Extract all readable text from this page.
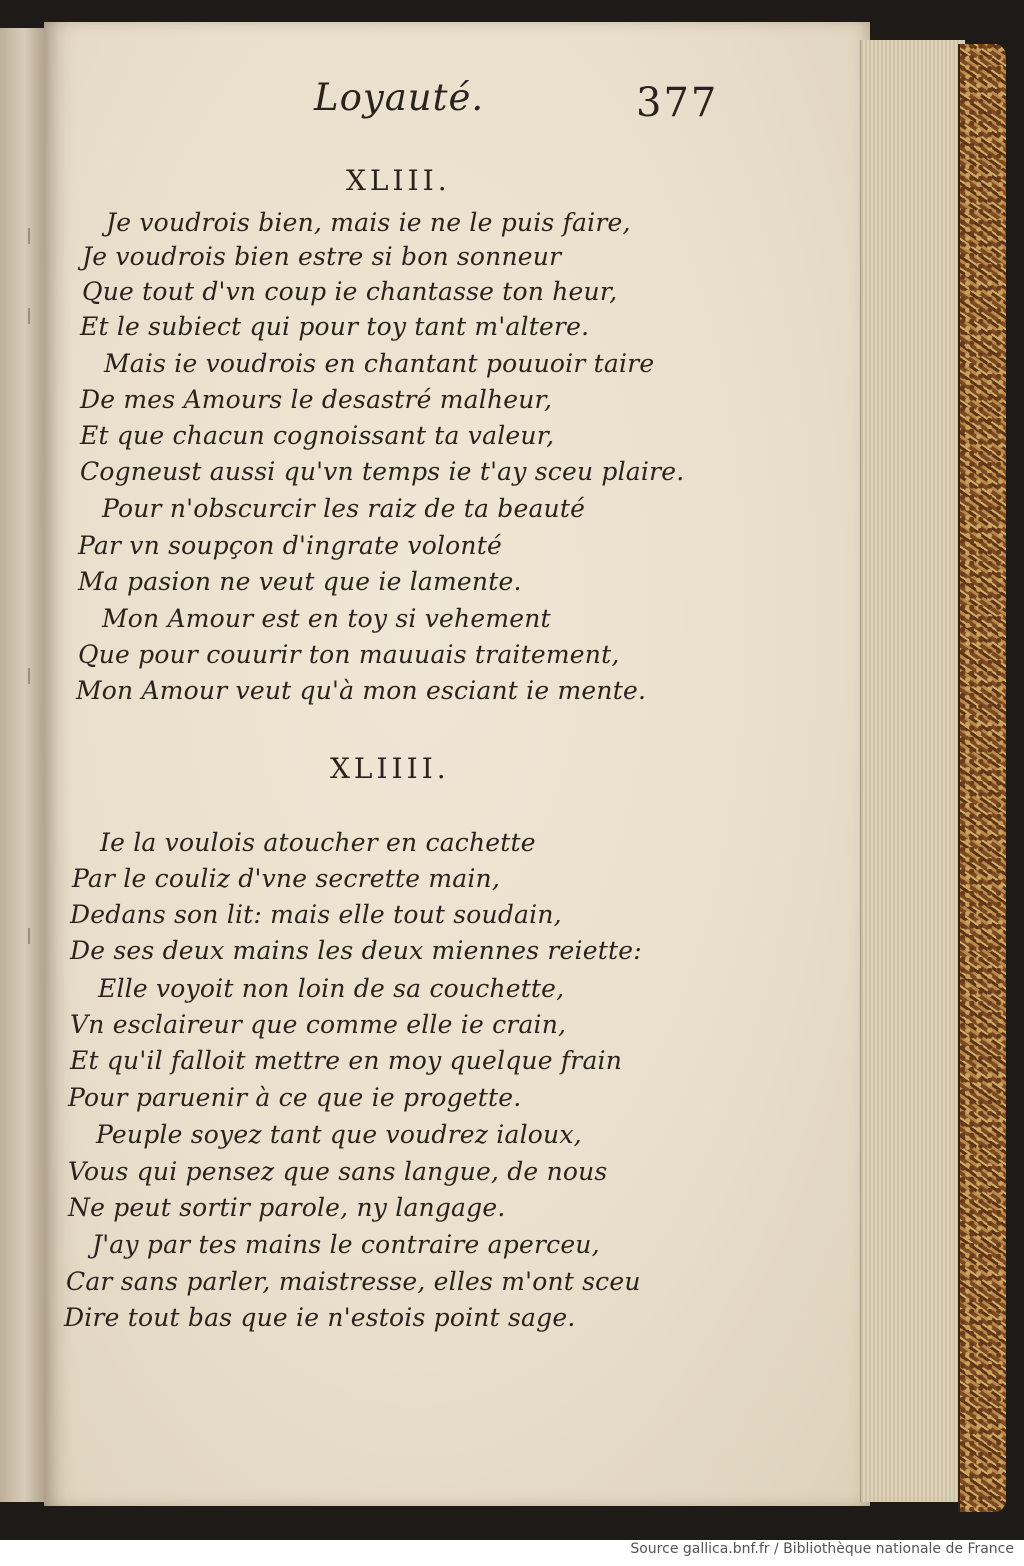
Loyauté.	377
XLIII.
Je voudrois bien, mais ie ne le puis faire,
Je voudrois bien estre si bon sonneur
Que tout d'vn coup ie chantasse ton heur,
Et le subiect qui pour toy tant m'altere.
Mais ie voudrois en chantant pouuoir taire
De mes Amours le desastré malheur,
Et que chacun cognoissant ta valeur,
Cogneust aussi qu'vn temps ie t'ay sceu plaire.
Pour n'obscurcir les raiz de ta beauté
Par vn soupçon d'ingrate volonté
Ma pasion ne veut que ie lamente.
Mon Amour est en toy si vehement
Que pour couurir ton mauuais traitement,
Mon Amour veut qu'à mon esciant ie mente.
XLIIII.
Ie la voulois atoucher en cachette
Par le couliz d'vne secrette main,
Dedans son lit: mais elle tout soudain,
De ses deux mains les deux miennes reiette:
Elle voyoit non loin de sa couchette,
Vn esclaireur que comme elle ie crain,
Et qu'il falloit mettre en moy quelque frain
Pour paruenir à ce que ie progette.
Peuple soyez tant que voudrez ialoux,
Vous qui pensez que sans langue, de nous
Ne peut sortir parole, ny langage.
J'ay par tes mains le contraire aperceu,
Car sans parler, maistresse, elles m'ont sceu
Dire tout bas que ie n'estois point sage.
Source gallica.bnf.fr / Bibliothèque nationale de France
